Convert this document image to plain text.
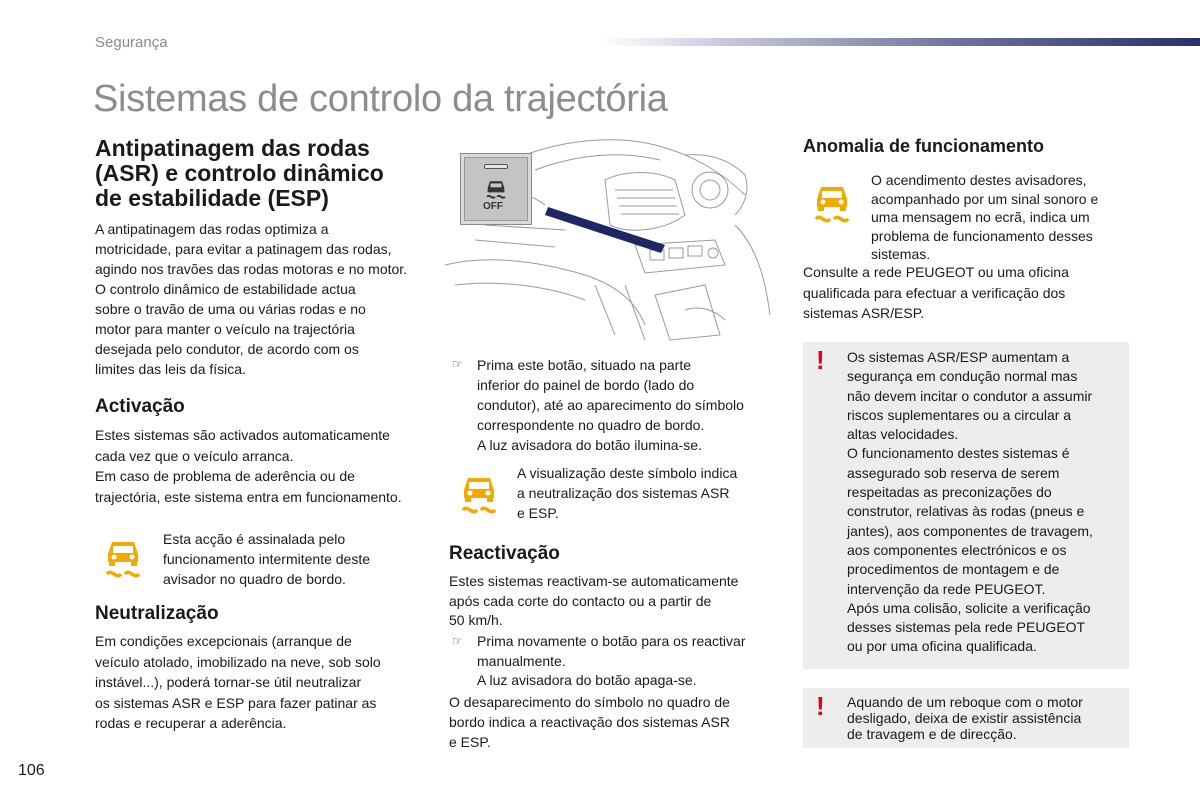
Segurança
Sistemas de controlo da trajectória
Antipatinagem das rodas
(ASR) e controlo dinâmico
de estabilidade (ESP)
A antipatinagem das rodas optimiza a
motricidade, para evitar a patinagem das rodas,
agindo nos travões das rodas motoras e no motor.
O controlo dinâmico de estabilidade actua
sobre o travão de uma ou várias rodas e no
motor para manter o veículo na trajectória
desejada pelo condutor, de acordo com os
limites das leis da física.
Activação
Estes sistemas são activados automaticamente
cada vez que o veículo arranca.
Em caso de problema de aderência ou de
trajectória, este sistema entra em funcionamento.
Esta acção é assinalada pelo
funcionamento intermitente deste
avisador no quadro de bordo.
Neutralização
Em condições excepcionais (arranque de
veículo atolado, imobilizado na neve, sob solo
instável...), poderá tornar-se útil neutralizar
os sistemas ASR e ESP para fazer patinar as
rodas e recuperar a aderência.
OFF
☞ Prima este botão, situado na parte
inferior do painel de bordo (lado do
condutor), até ao aparecimento do símbolo
correspondente no quadro de bordo.
A luz avisadora do botão ilumina-se.
A visualização deste símbolo indica
a neutralização dos sistemas ASR
e ESP.
Reactivação
Estes sistemas reactivam-se automaticamente
após cada corte do contacto ou a partir de
50 km/h.
☞ Prima novamente o botão para os reactivar
manualmente.
A luz avisadora do botão apaga-se.
O desaparecimento do símbolo no quadro de
bordo indica a reactivação dos sistemas ASR
e ESP.
Anomalia de funcionamento
O acendimento destes avisadores,
acompanhado por um sinal sonoro e
uma mensagem no ecrã, indica um
problema de funcionamento desses
sistemas.
Consulte a rede PEUGEOT ou uma oficina
qualificada para efectuar a verificação dos
sistemas ASR/ESP.
! Os sistemas ASR/ESP aumentam a
segurança em condução normal mas
não devem incitar o condutor a assumir
riscos suplementares ou a circular a
altas velocidades.
O funcionamento destes sistemas é
assegurado sob reserva de serem
respeitadas as preconizações do
construtor, relativas às rodas (pneus e
jantes), aos componentes de travagem,
aos componentes electrónicos e os
procedimentos de montagem e de
intervenção da rede PEUGEOT.
Após uma colisão, solicite a verificação
desses sistemas pela rede PEUGEOT
ou por uma oficina qualificada.
! Aquando de um reboque com o motor
desligado, deixa de existir assistência
de travagem e de direcção.
106
